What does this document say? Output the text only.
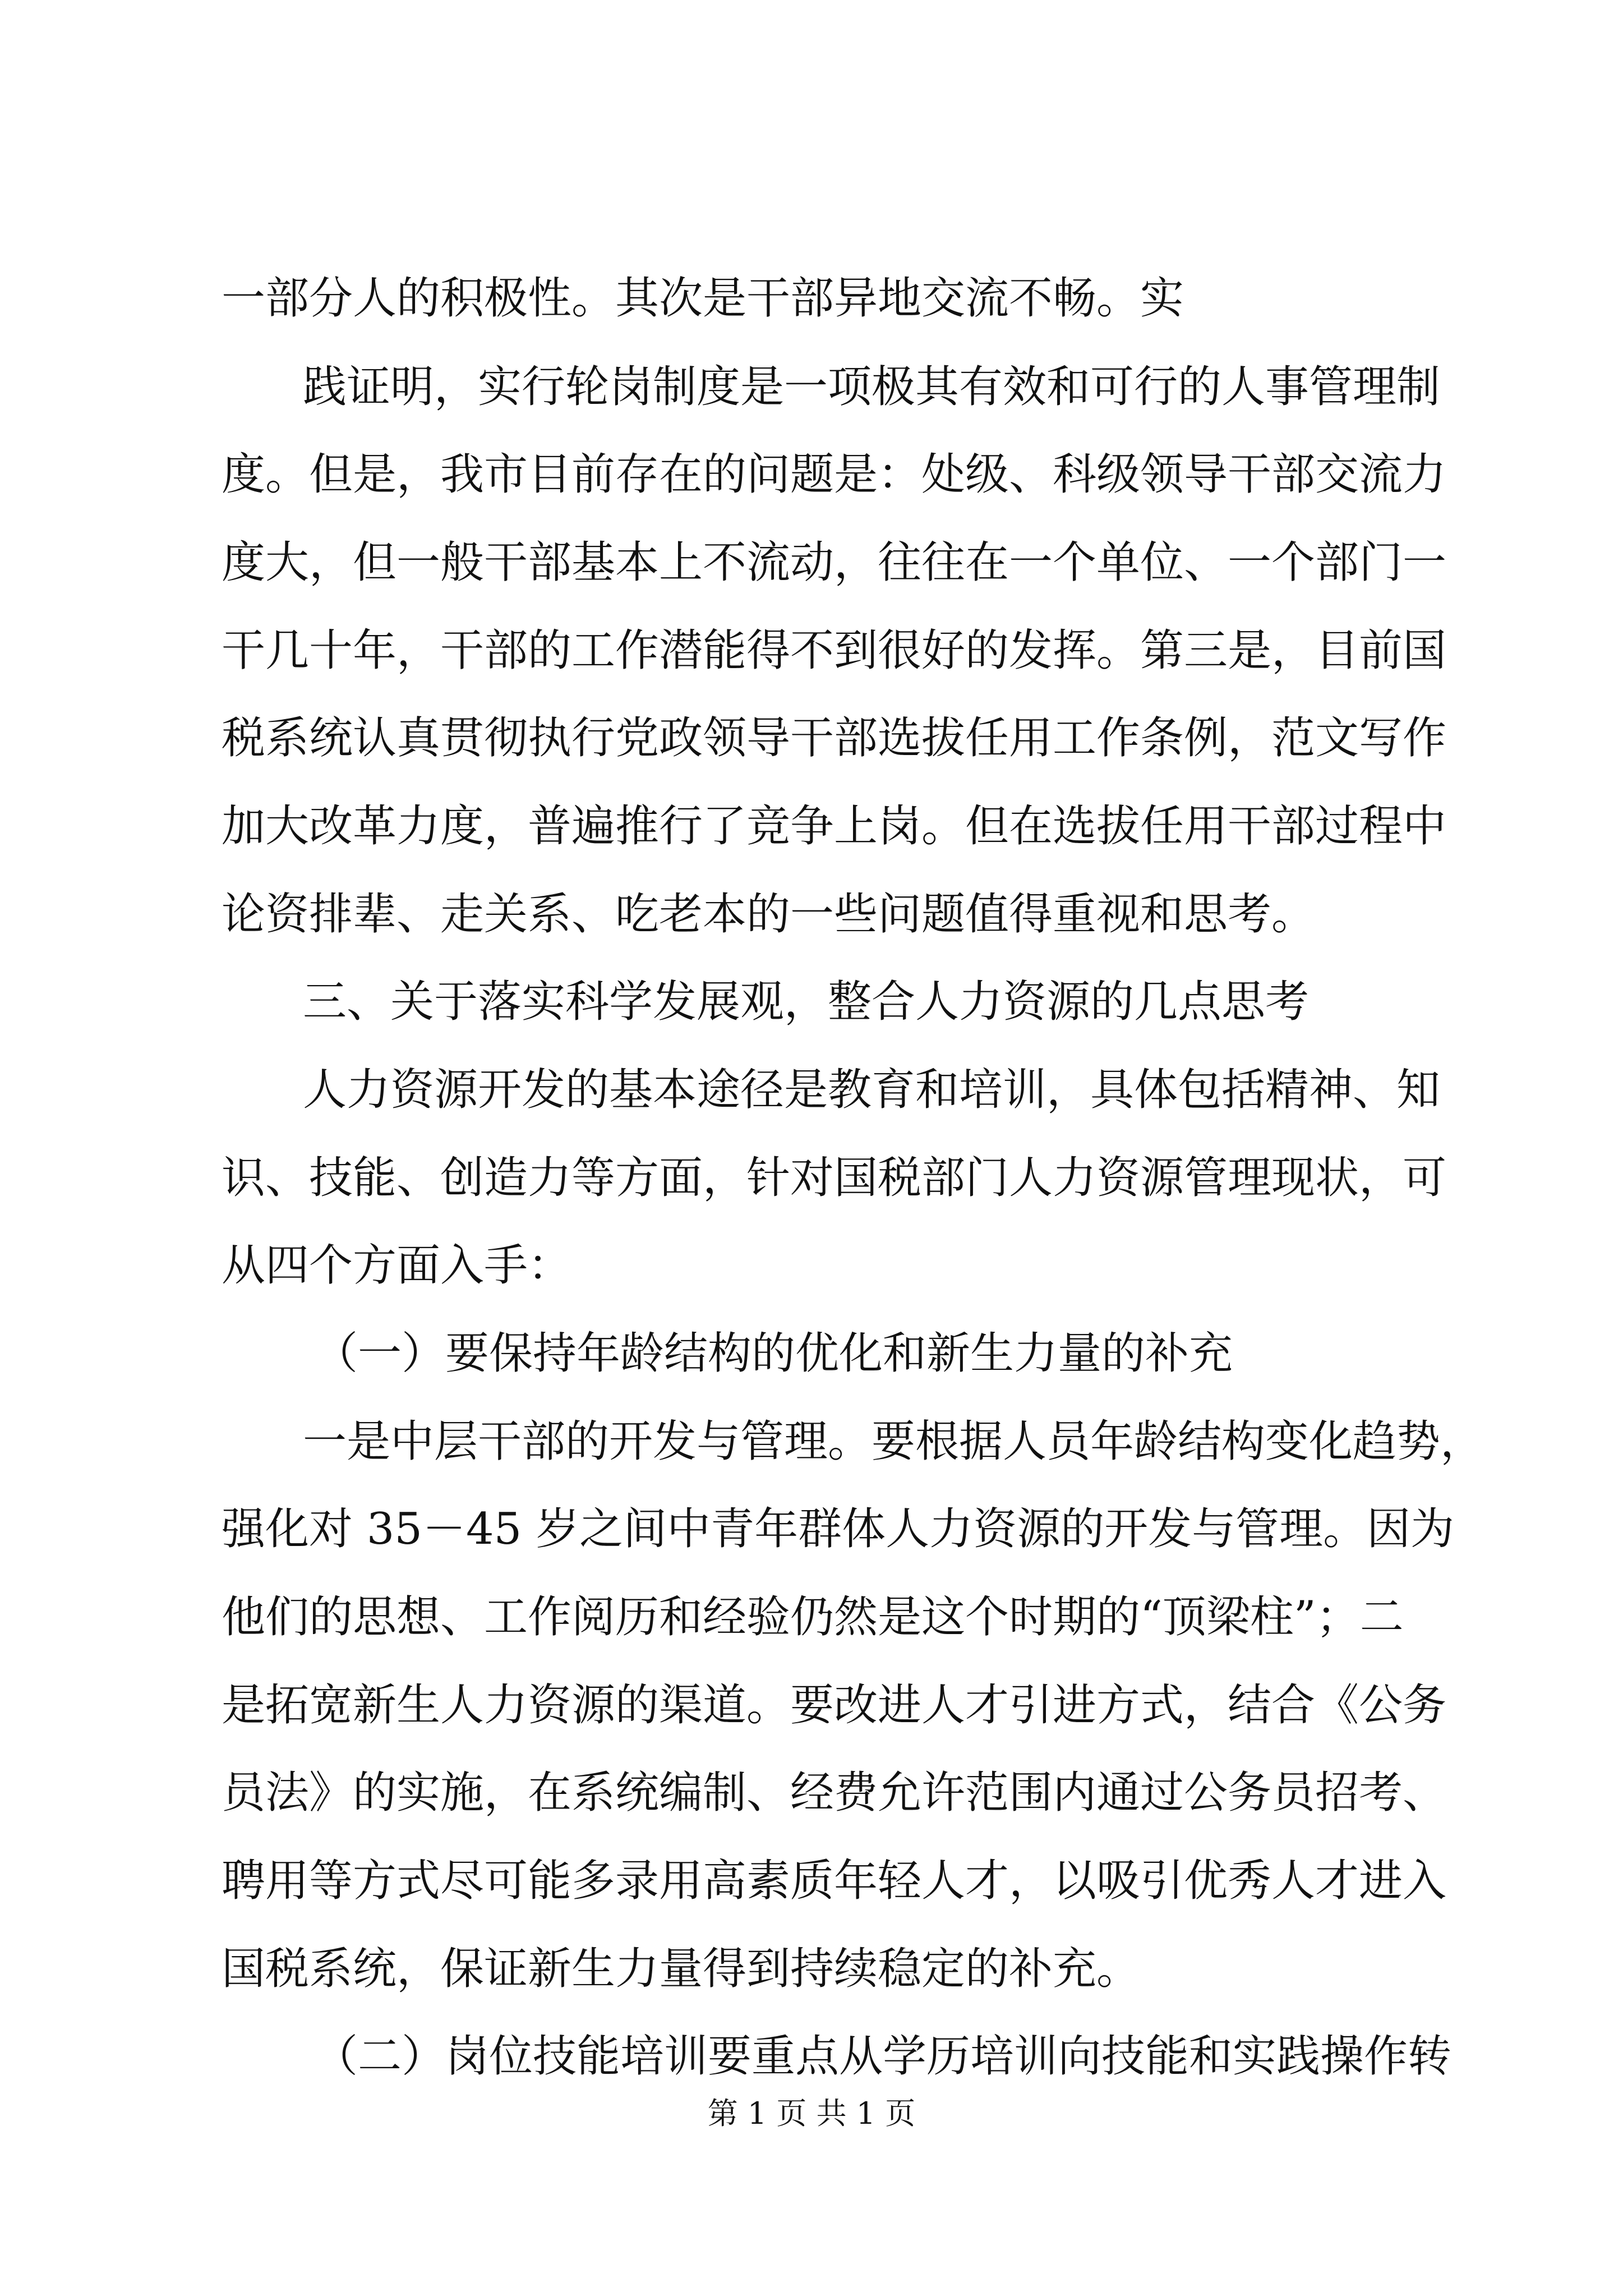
一部分人的积极性。其次是干部异地交流不畅。实
践证明，实行轮岗制度是一项极其有效和可行的人事管理制
度。但是，我市目前存在的问题是：处级、科级领导干部交流力
度大，但一般干部基本上不流动，往往在一个单位、一个部门一
干几十年，干部的工作潜能得不到很好的发挥。第三是，目前国
税系统认真贯彻执行党政领导干部选拔任用工作条例，范文写作
加大改革力度，普遍推行了竞争上岗。但在选拔任用干部过程中
论资排辈、走关系、吃老本的一些问题值得重视和思考。
三、关于落实科学发展观，整合人力资源的几点思考
人力资源开发的基本途径是教育和培训，具体包括精神、知
识、技能、创造力等方面，针对国税部门人力资源管理现状，可
从四个方面入手：
（一）要保持年龄结构的优化和新生力量的补充
一是中层干部的开发与管理。要根据人员年龄结构变化趋势，
强化对 35－45 岁之间中青年群体人力资源的开发与管理。因为
他们的思想、工作阅历和经验仍然是这个时期的“顶梁柱”；二
是拓宽新生人力资源的渠道。要改进人才引进方式，结合《公务
员法》的实施，在系统编制、经费允许范围内通过公务员招考、
聘用等方式尽可能多录用高素质年轻人才，以吸引优秀人才进入
国税系统，保证新生力量得到持续稳定的补充。
（二）岗位技能培训要重点从学历培训向技能和实践操作转
第 1 页 共 1 页
